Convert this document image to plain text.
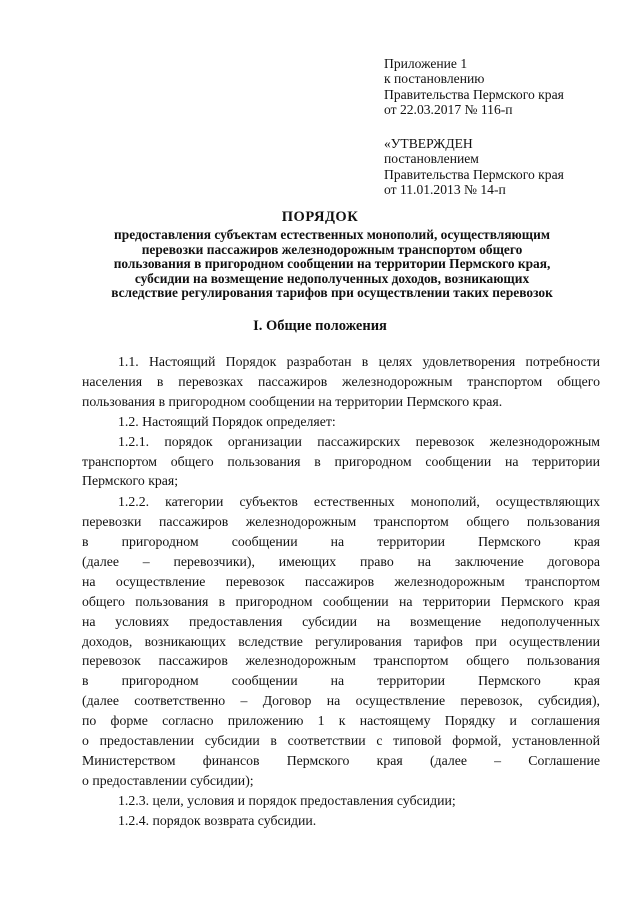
Приложение 1
к постановлению
Правительства Пермского края
от 22.03.2017 № 116-п
«УТВЕРЖДЕН
постановлением
Правительства Пермского края
от 11.01.2013 № 14-п
ПОРЯДОК
предоставления субъектам естественных монополий, осуществляющим
перевозки пассажиров железнодорожным транспортом общего
пользования в пригородном сообщении на территории Пермского края,
субсидии на возмещение недополученных доходов, возникающих
вследствие регулирования тарифов при осуществлении таких перевозок
I. Общие положения
1.1. Настоящий Порядок разработан в целях удовлетворения потребности
населения в перевозках пассажиров железнодорожным транспортом общего
пользования в пригородном сообщении на территории Пермского края.
1.2. Настоящий Порядок определяет:
1.2.1. порядок организации пассажирских перевозок железнодорожным
транспортом общего пользования в пригородном сообщении на территории
Пермского края;
1.2.2. категории субъектов естественных монополий, осуществляющих
перевозки пассажиров железнодорожным транспортом общего пользования
в пригородном сообщении на территории Пермского края
(далее – перевозчики), имеющих право на заключение договора
на осуществление перевозок пассажиров железнодорожным транспортом
общего пользования в пригородном сообщении на территории Пермского края
на условиях предоставления субсидии на возмещение недополученных
доходов, возникающих вследствие регулирования тарифов при осуществлении
перевозок пассажиров железнодорожным транспортом общего пользования
в пригородном сообщении на территории Пермского края
(далее соответственно – Договор на осуществление перевозок, субсидия),
по форме согласно приложению 1 к настоящему Порядку и соглашения
о предоставлении субсидии в соответствии с типовой формой, установленной
Министерством финансов Пермского края (далее – Соглашение
о предоставлении субсидии);
1.2.3. цели, условия и порядок предоставления субсидии;
1.2.4. порядок возврата субсидии.
